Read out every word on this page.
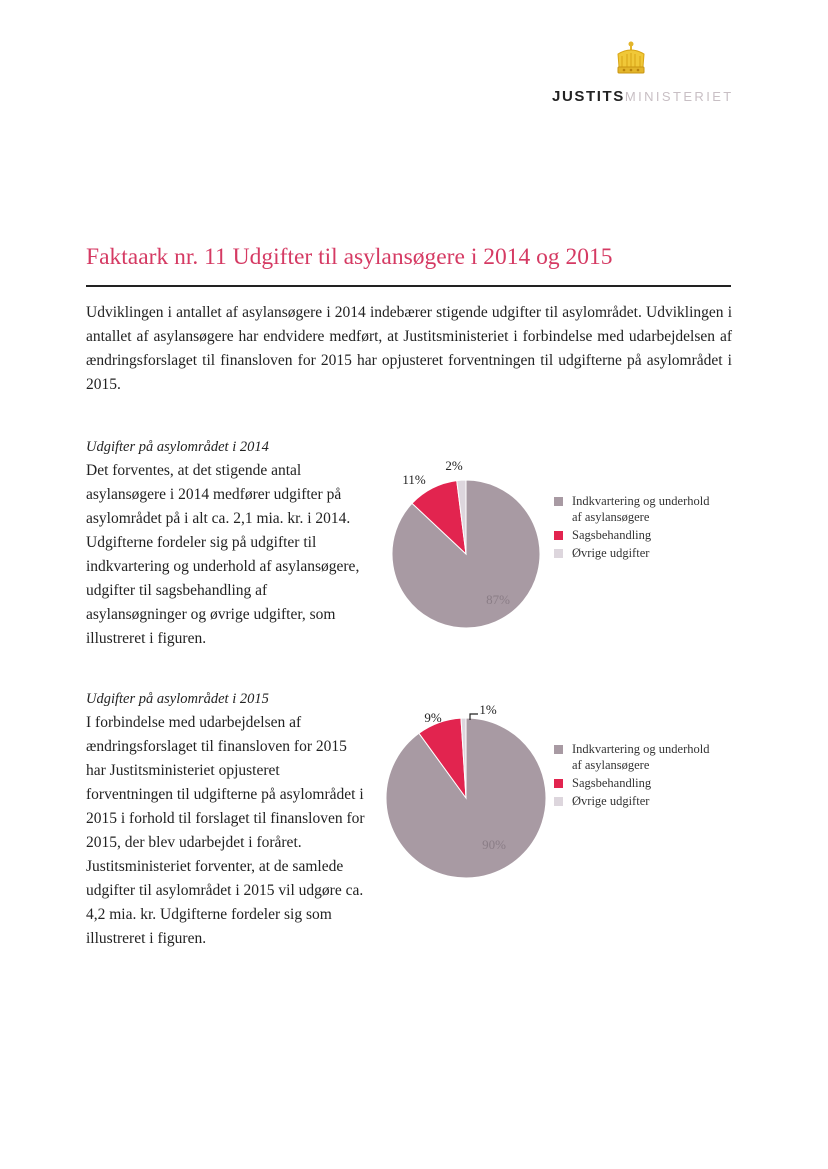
JUSTITSMINISTERIET
Faktaark nr. 11 Udgifter til asylansøgere i 2014 og 2015
Udviklingen i antallet af asylansøgere i 2014 indebærer stigende udgifter til asylområdet. Udviklingen i antallet af asylansøgere har endvidere medført, at Justitsministeriet i forbindelse med udarbejdelsen af ændringsforslaget til finansloven for 2015 har opjusteret forventningen til udgifterne på asylområdet i 2015.
Udgifter på asylområdet i 2014
Det forventes, at det stigende antal asylansøgere i 2014 medfører udgifter på asylområdet på i alt ca. 2,1 mia. kr. i 2014. Udgifterne fordeler sig på udgifter til indkvartering og underhold af asylansøgere, udgifter til sagsbehandling af asylansøgninger og øvrige udgifter, som illustreret i figuren.
Udgifter på asylområdet i 2015
I forbindelse med udarbejdelsen af ændringsforslaget til finansloven for 2015 har Justitsministeriet opjusteret forventningen til udgifterne på asylområdet i 2015 i forhold til forslaget til finansloven for 2015, der blev udarbejdet i foråret. Justitsministeriet forventer, at de samlede udgifter til asylområdet i 2015 vil udgøre ca. 4,2 mia. kr. Udgifterne fordeler sig som illustreret i figuren.
87%
11%
2%
Indkvartering og underhold
af asylansøgere
Sagsbehandling
Øvrige udgifter
90%
9%
1%
Indkvartering og underhold
af asylansøgere
Sagsbehandling
Øvrige udgifter
